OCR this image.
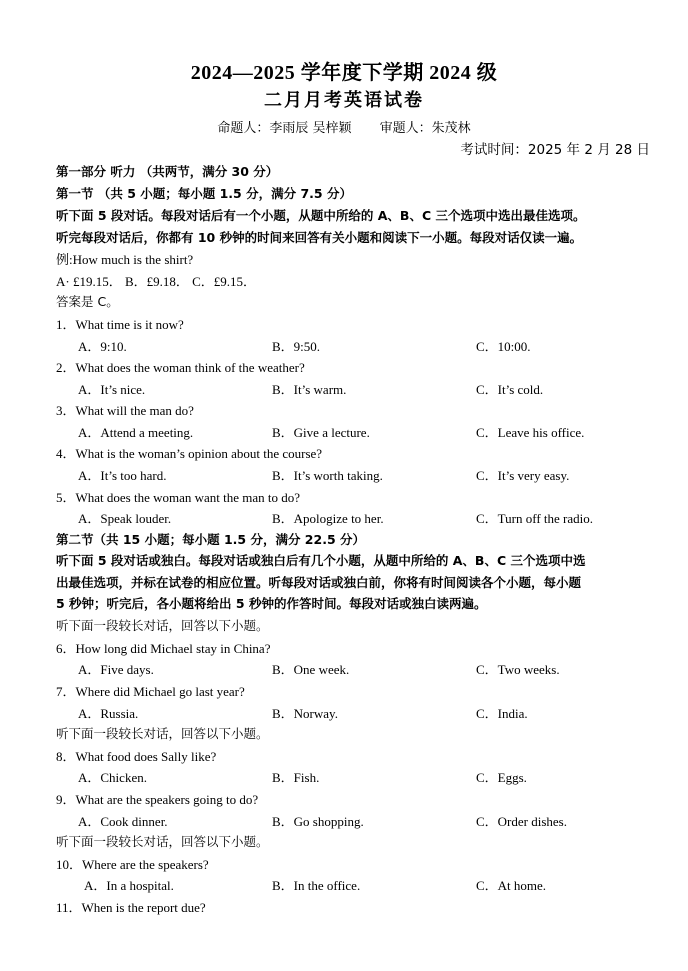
2024—2025 学年度下学期 2024 级
二月月考英语试卷
命题人：李雨辰 吴梓颖 审题人：朱茂林
考试时间：2025 年 2 月 28 日
第一部分 听力 （共两节，满分 30 分）
第一节 （共 5 小题；每小题 1.5 分，满分 7.5 分）
听下面 5 段对话。每段对话后有一个小题，从题中所给的 A、B、C 三个选项中选出最佳选项。
听完每段对话后，你都有 10 秒钟的时间来回答有关小题和阅读下一小题。每段对话仅读一遍。
例:How much is the shirt?
A· £19.15． B．£9.18． C．£9.15．
答案是 C。
1．What time is it now?
A．9:10.	B．9:50.	C．10:00.
2．What does the woman think of the weather?
A．It’s nice.	B．It’s warm.	C．It’s cold.
3．What will the man do?
A．Attend a meeting.	B．Give a lecture.	C．Leave his office.
4．What is the woman’s opinion about the course?
A．It’s too hard.	B．It’s worth taking.	C．It’s very easy.
5．What does the woman want the man to do?
A．Speak louder.	B．Apologize to her.	C．Turn off the radio.
第二节（共 15 小题；每小题 1.5 分，满分 22.5 分）
听下面 5 段对话或独白。每段对话或独白后有几个小题，从题中所给的 A、B、C 三个选项中选
出最佳选项，并标在试卷的相应位置。听每段对话或独白前，你将有时间阅读各个小题，每小题
5 秒钟；听完后，各小题将给出 5 秒钟的作答时间。每段对话或独白读两遍。
听下面一段较长对话，回答以下小题。
6．How long did Michael stay in China?
A．Five days.	B．One week.	C．Two weeks.
7．Where did Michael go last year?
A．Russia.	B．Norway.	C．India.
听下面一段较长对话，回答以下小题。
8．What food does Sally like?
A．Chicken.	B．Fish.	C．Eggs.
9．What are the speakers going to do?
A．Cook dinner.	B．Go shopping.	C．Order dishes.
听下面一段较长对话，回答以下小题。
10．Where are the speakers?
A．In a hospital.	B．In the office.	C．At home.
11．When is the report due?
